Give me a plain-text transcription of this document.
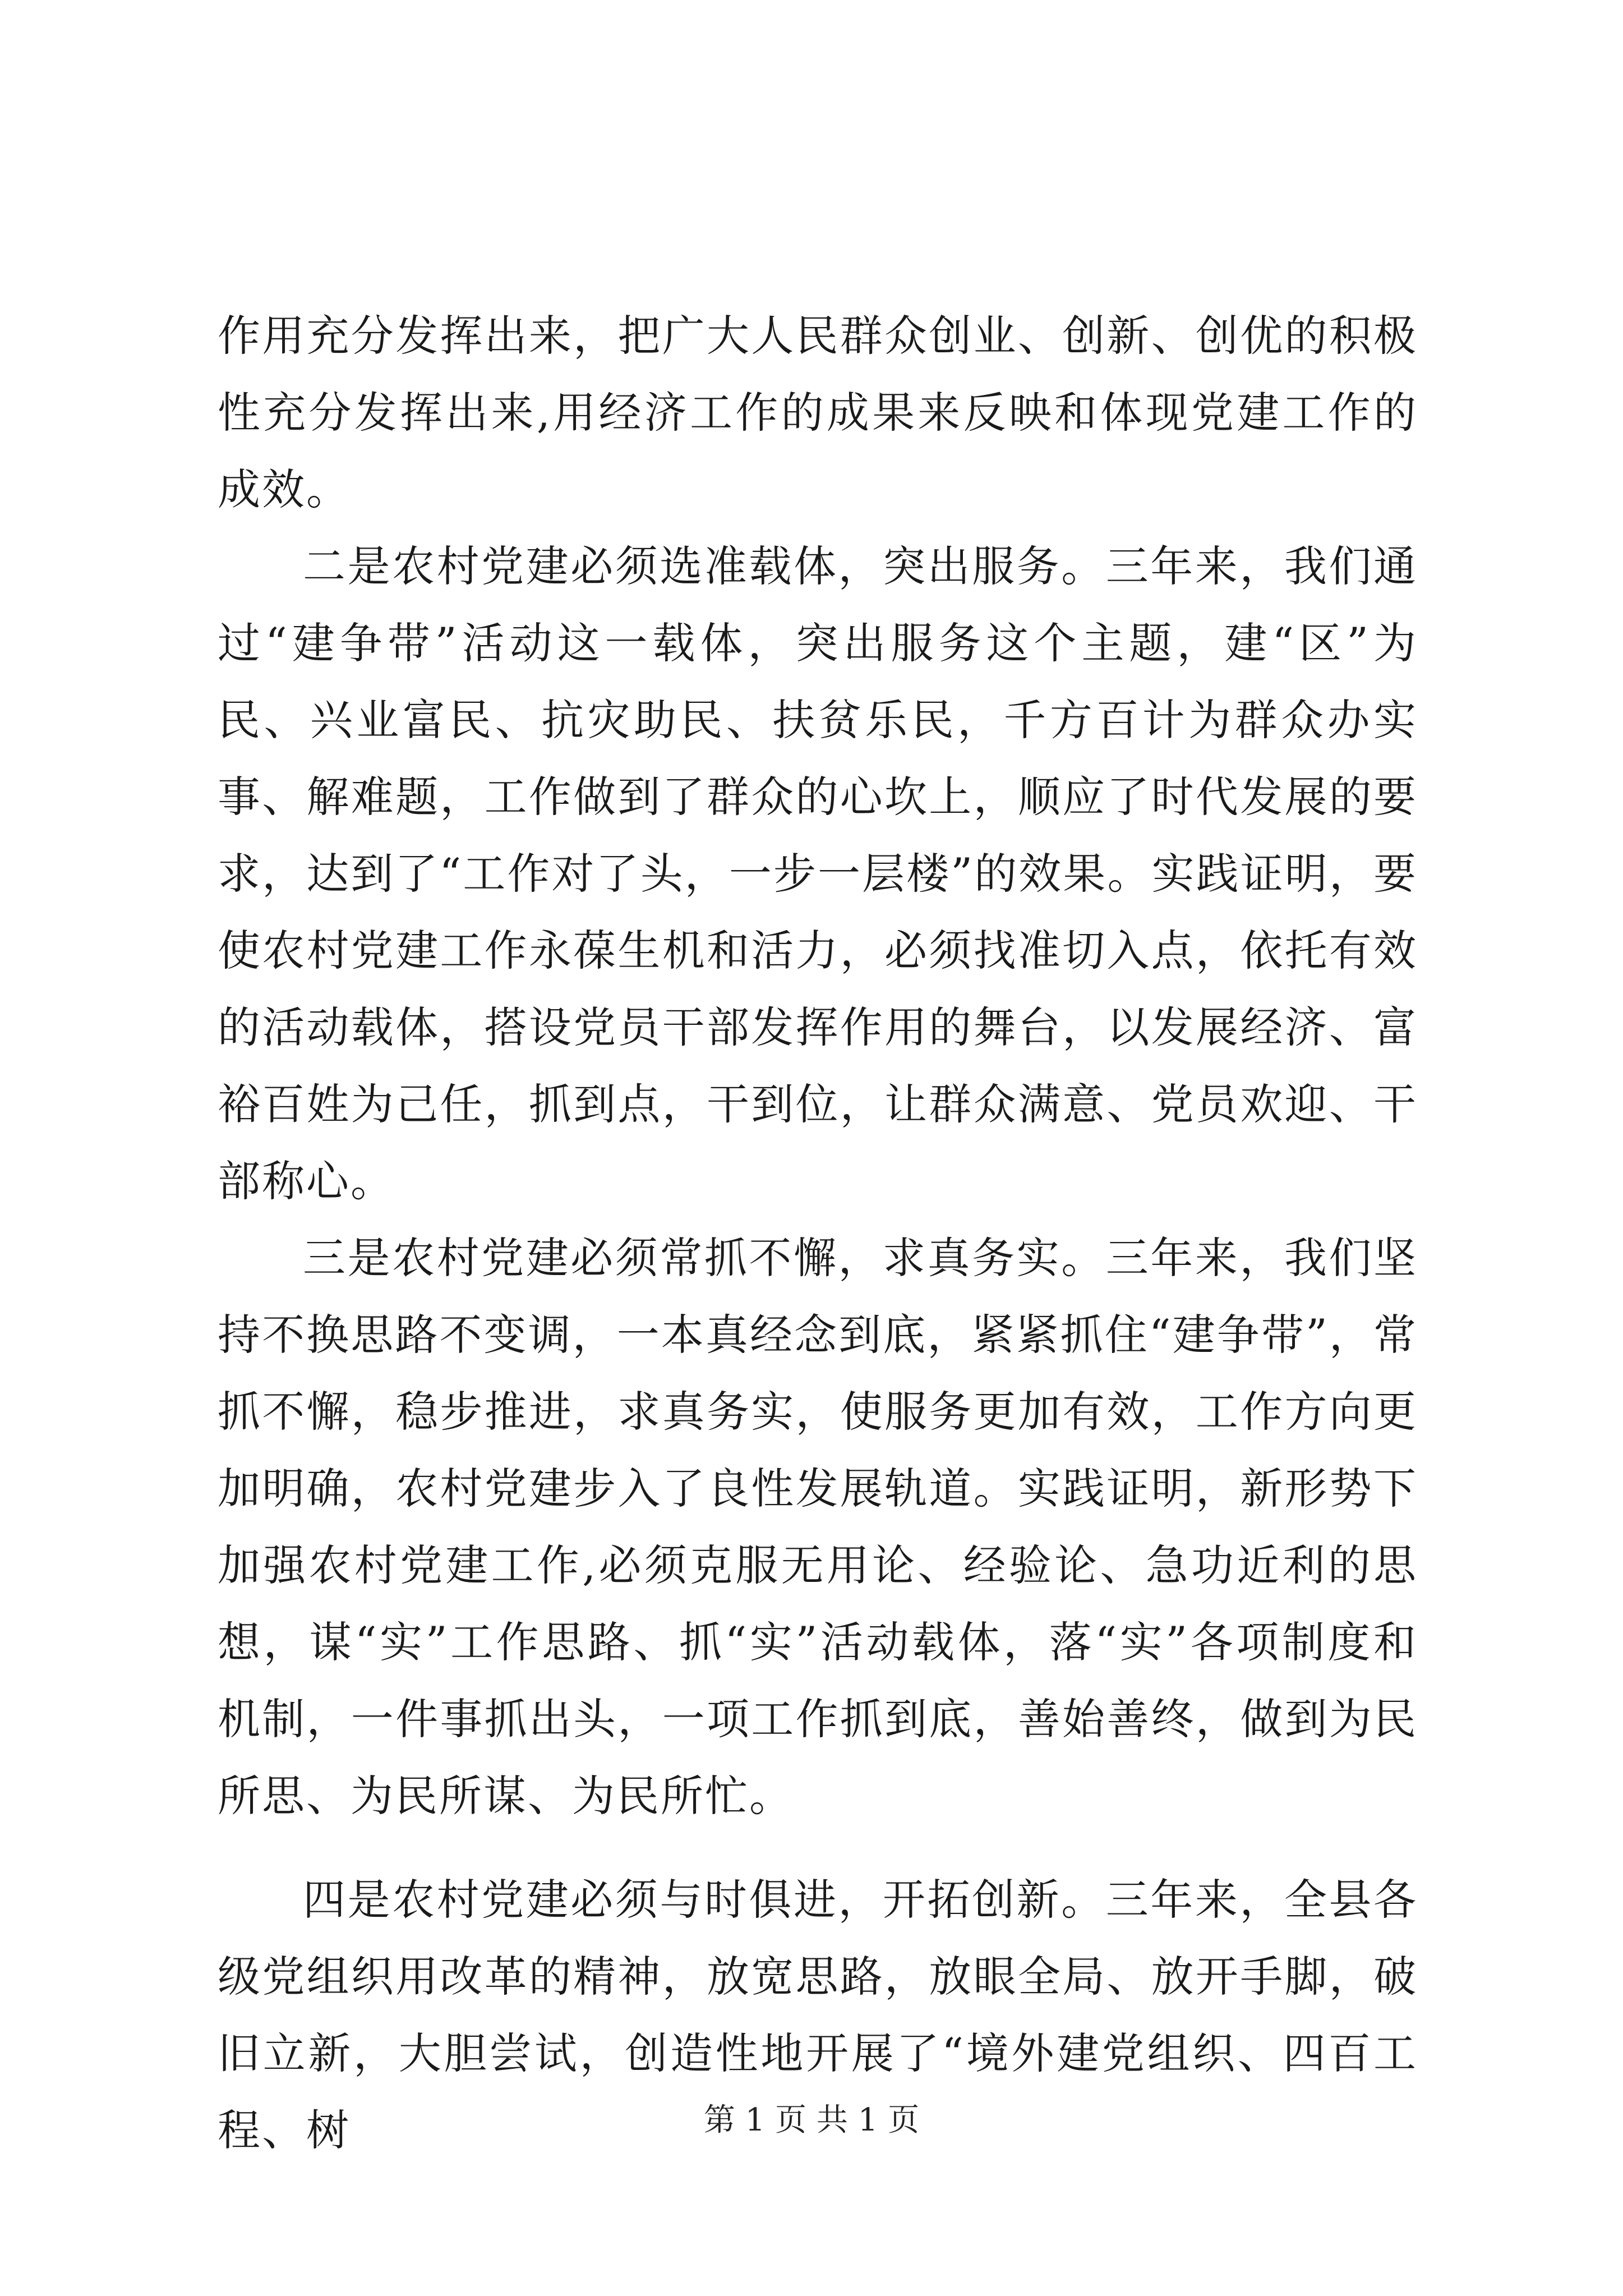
作用充分发挥出来，把广大人民群众创业、创新、创优的积极性充分发挥出来,用经济工作的成果来反映和体现党建工作的成效。

二是农村党建必须选准载体，突出服务。三年来，我们通过“建争带”活动这一载体，突出服务这个主题，建“区”为民、兴业富民、抗灾助民、扶贫乐民，千方百计为群众办实事、解难题，工作做到了群众的心坎上，顺应了时代发展的要求，达到了“工作对了头，一步一层楼”的效果。实践证明，要使农村党建工作永葆生机和活力，必须找准切入点，依托有效的活动载体，搭设党员干部发挥作用的舞台，以发展经济、富裕百姓为己任，抓到点，干到位，让群众满意、党员欢迎、干部称心。

三是农村党建必须常抓不懈，求真务实。三年来，我们坚持不换思路不变调，一本真经念到底，紧紧抓住“建争带”，常抓不懈，稳步推进，求真务实，使服务更加有效，工作方向更加明确，农村党建步入了良性发展轨道。实践证明，新形势下加强农村党建工作,必须克服无用论、经验论、急功近利的思想，谋“实”工作思路、抓“实”活动载体，落“实”各项制度和机制，一件事抓出头，一项工作抓到底，善始善终，做到为民所思、为民所谋、为民所忙。

四是农村党建必须与时俱进，开拓创新。三年来，全县各级党组织用改革的精神，放宽思路，放眼全局、放开手脚，破旧立新，大胆尝试，创造性地开展了“境外建党组织、四百工程、树	第 1 页 共 1 页
